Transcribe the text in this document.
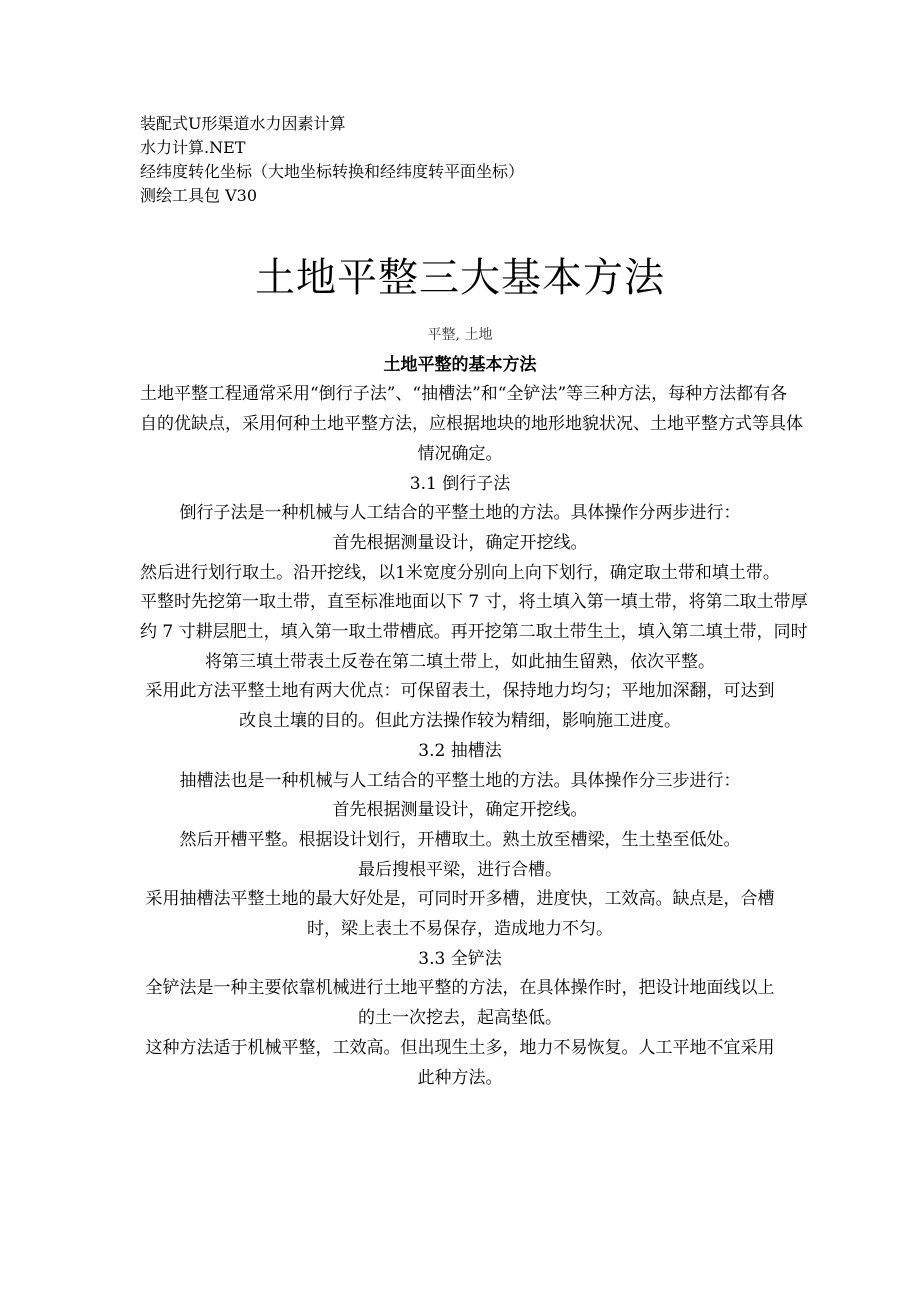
装配式U形渠道水力因素计算
水力计算.NET
经纬度转化坐标（大地坐标转换和经纬度转平面坐标）
测绘工具包 V30
土地平整三大基本方法
平整, 土地
土地平整的基本方法
土地平整工程通常采用“倒行子法”、“抽槽法”和“全铲法”等三种方法，每种方法都有各
自的优缺点，采用何种土地平整方法，应根据地块的地形地貌状况、土地平整方式等具体
情况确定。
3.1 倒行子法
倒行子法是一种机械与人工结合的平整土地的方法。具体操作分两步进行：
首先根据测量设计，确定开挖线。
然后进行划行取土。沿开挖线，以1米宽度分别向上向下划行，确定取土带和填土带。
平整时先挖第一取土带，直至标准地面以下 7 寸，将土填入第一填土带，将第二取土带厚
约 7 寸耕层肥土，填入第一取土带槽底。再开挖第二取土带生土，填入第二填土带，同时
将第三填土带表土反卷在第二填土带上，如此抽生留熟，依次平整。
采用此方法平整土地有两大优点：可保留表土，保持地力均匀；平地加深翻，可达到
改良土壤的目的。但此方法操作较为精细，影响施工进度。
3.2 抽槽法
抽槽法也是一种机械与人工结合的平整土地的方法。具体操作分三步进行：
首先根据测量设计，确定开挖线。
然后开槽平整。根据设计划行，开槽取土。熟土放至槽梁，生土垫至低处。
最后搜根平梁，进行合槽。
采用抽槽法平整土地的最大好处是，可同时开多槽，进度快，工效高。缺点是，合槽
时，梁上表土不易保存，造成地力不匀。
3.3 全铲法
全铲法是一种主要依靠机械进行土地平整的方法，在具体操作时，把设计地面线以上
的土一次挖去，起高垫低。
这种方法适于机械平整，工效高。但出现生土多，地力不易恢复。人工平地不宜采用
此种方法。
